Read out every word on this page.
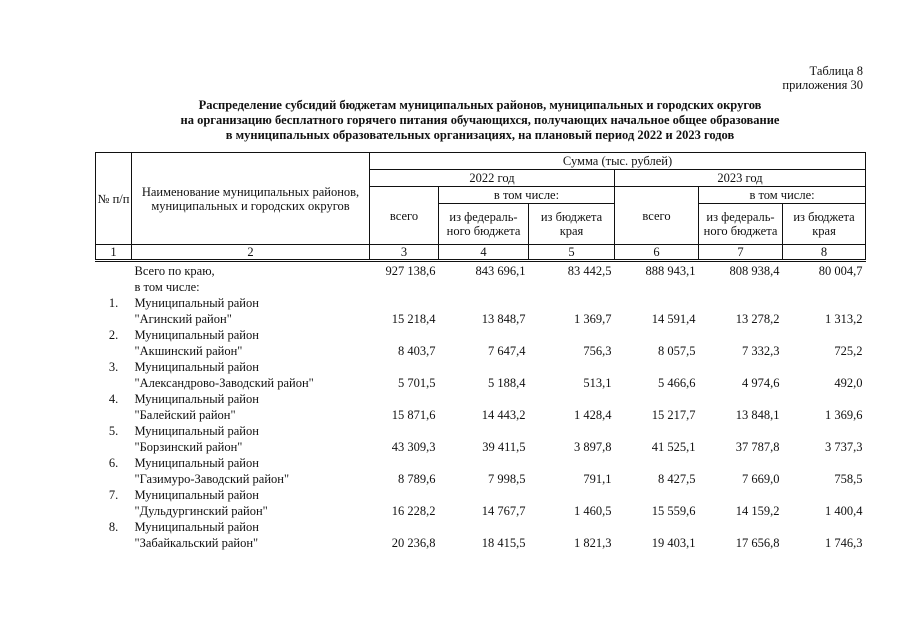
Таблица 8
приложения 30
Распределение субсидий бюджетам муниципальных районов, муниципальных и городских округов
на организацию бесплатного горячего питания обучающихся, получающих начальное общее образование
в муниципальных образовательных организациях, на плановый период 2022 и 2023 годов
№ п/п	Наименование муниципальных районов, муниципальных и городских округов	Сумма (тыс. рублей)					
		2022 год			2023 год		
		всего	в том числе:		всего	в том числе:	
			из федераль-ного бюджета	из бюджета края		из федераль-ного бюджета	из бюджета края
1	2	3	4	5	6	7	8
	Всего по краю,	927 138,6	843 696,1	83 442,5	888 943,1	808 938,4	80 004,7
	в том числе:						
1.	Муниципальный район						
	"Агинский район"	15 218,4	13 848,7	1 369,7	14 591,4	13 278,2	1 313,2
2.	Муниципальный район						
	"Акшинский район"	8 403,7	7 647,4	756,3	8 057,5	7 332,3	725,2
3.	Муниципальный район						
	"Александрово-Заводский район"	5 701,5	5 188,4	513,1	5 466,6	4 974,6	492,0
4.	Муниципальный район						
	"Балейский район"	15 871,6	14 443,2	1 428,4	15 217,7	13 848,1	1 369,6
5.	Муниципальный район						
	"Борзинский район"	43 309,3	39 411,5	3 897,8	41 525,1	37 787,8	3 737,3
6.	Муниципальный район						
	"Газимуро-Заводский район"	8 789,6	7 998,5	791,1	8 427,5	7 669,0	758,5
7.	Муниципальный район						
	"Дульдургинский район"	16 228,2	14 767,7	1 460,5	15 559,6	14 159,2	1 400,4
8.	Муниципальный район						
	"Забайкальский район"	20 236,8	18 415,5	1 821,3	19 403,1	17 656,8	1 746,3
